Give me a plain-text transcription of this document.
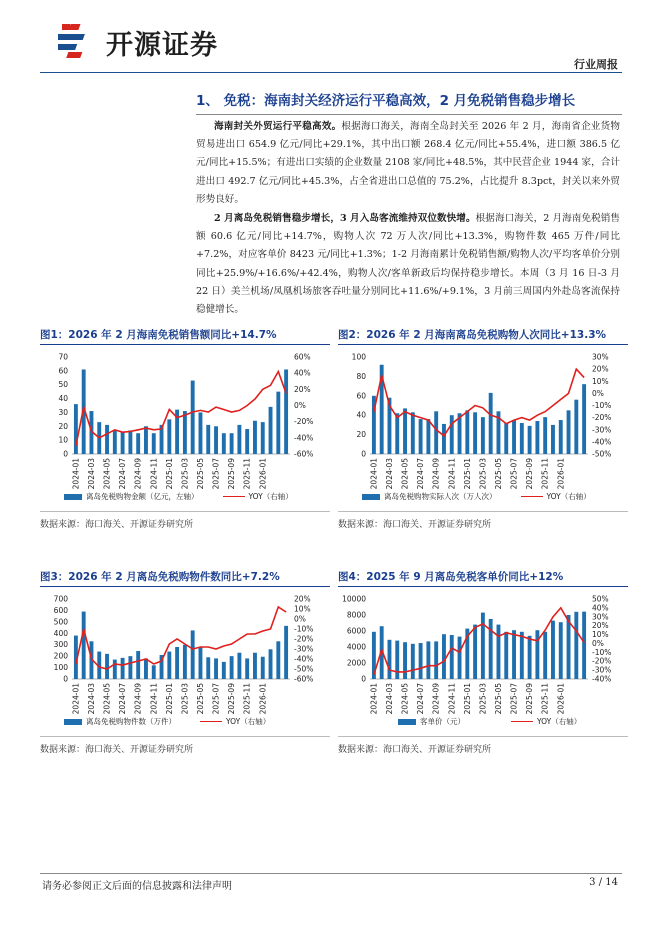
开源证券
行业周报
1、 免税：海南封关经济运行平稳高效，2 月免税销售稳步增长
海南封关外贸运行平稳高效。根据海口海关，海南全岛封关至 2026 年 2 月，海南省企业货物贸易进出口 654.9 亿元/同比+29.1%，其中出口额 268.4 亿元/同比+55.4%，进口额 386.5 亿元/同比+15.5%；有进出口实绩的企业数量 2108 家/同比+48.5%，其中民营企业 1944 家，合计进出口 492.7 亿元/同比+45.3%，占全省进出口总值的 75.2%，占比提升 8.3pct，封关以来外贸形势良好。
2 月离岛免税销售稳步增长，3 月入岛客流维持双位数快增。根据海口海关，2 月海南免税销售额 60.6 亿元/同比+14.7%，购物人次 72 万人次/同比+13.3%，购物件数 465 万件/同比+7.2%，对应客单价 8423 元/同比+1.3%；1-2 月海南累计免税销售额/购物人次/平均客单价分别同比+25.9%/+16.6%/+42.4%，购物人次/客单新政后均保持稳步增长。本周（3 月 16 日-3 月 22 日）美兰机场/凤凰机场旅客吞吐量分别同比+11.6%/+9.1%，3 月前三周国内外赴岛客流保持稳健增长。
图1：2026 年 2 月海南免税销售额同比+14.7%
0
10
20
30
40
50
60
70
-60%
-40%
-20%
0%
20%
40%
60%
2024-01 2024-03 2024-05 2024-07 2024-09 2024-11 2025-01 2025-03 2025-05 2025-07 2025-09 2025-11 2026-01
离岛免税购物金额（亿元，左轴）	YOY（右轴）
数据来源：海口海关、开源证券研究所
图2：2026 年 2 月海南离岛免税购物人次同比+13.3%
0
20
40
60
80
100
-50%
-40%
-30%
-20%
-10%
0%
10%
20%
30%
2024-01 2024-03 2024-05 2024-07 2024-09 2024-11 2025-01 2025-03 2025-05 2025-07 2025-09 2025-11 2026-01
离岛免税购物实际人次（万人次）	YOY（右轴）
数据来源：海口海关、开源证券研究所
图3：2026 年 2 月离岛免税购物件数同比+7.2%
0
100
200
300
400
500
600
700
-60%
-50%
-40%
-30%
-20%
-10%
0%
10%
20%
2024-01 2024-03 2024-05 2024-07 2024-09 2024-11 2025-01 2025-03 2025-05 2025-07 2025-09 2025-11 2026-01
离岛免税购物件数（万件）	YOY（右轴）
数据来源：海口海关、开源证券研究所
图4：2025 年 9 月离岛免税客单价同比+12%
0
2000
4000
6000
8000
10000
-40%
-30%
-20%
-10%
0%
10%
20%
30%
40%
50%
2024-01 2024-03 2024-05 2024-07 2024-09 2024-11 2025-01 2025-03 2025-05 2025-07 2025-09 2025-11 2026-01
客单价（元）	YOY（右轴）
数据来源：海口海关、开源证券研究所
请务必参阅正文后面的信息披露和法律声明	3 / 14
